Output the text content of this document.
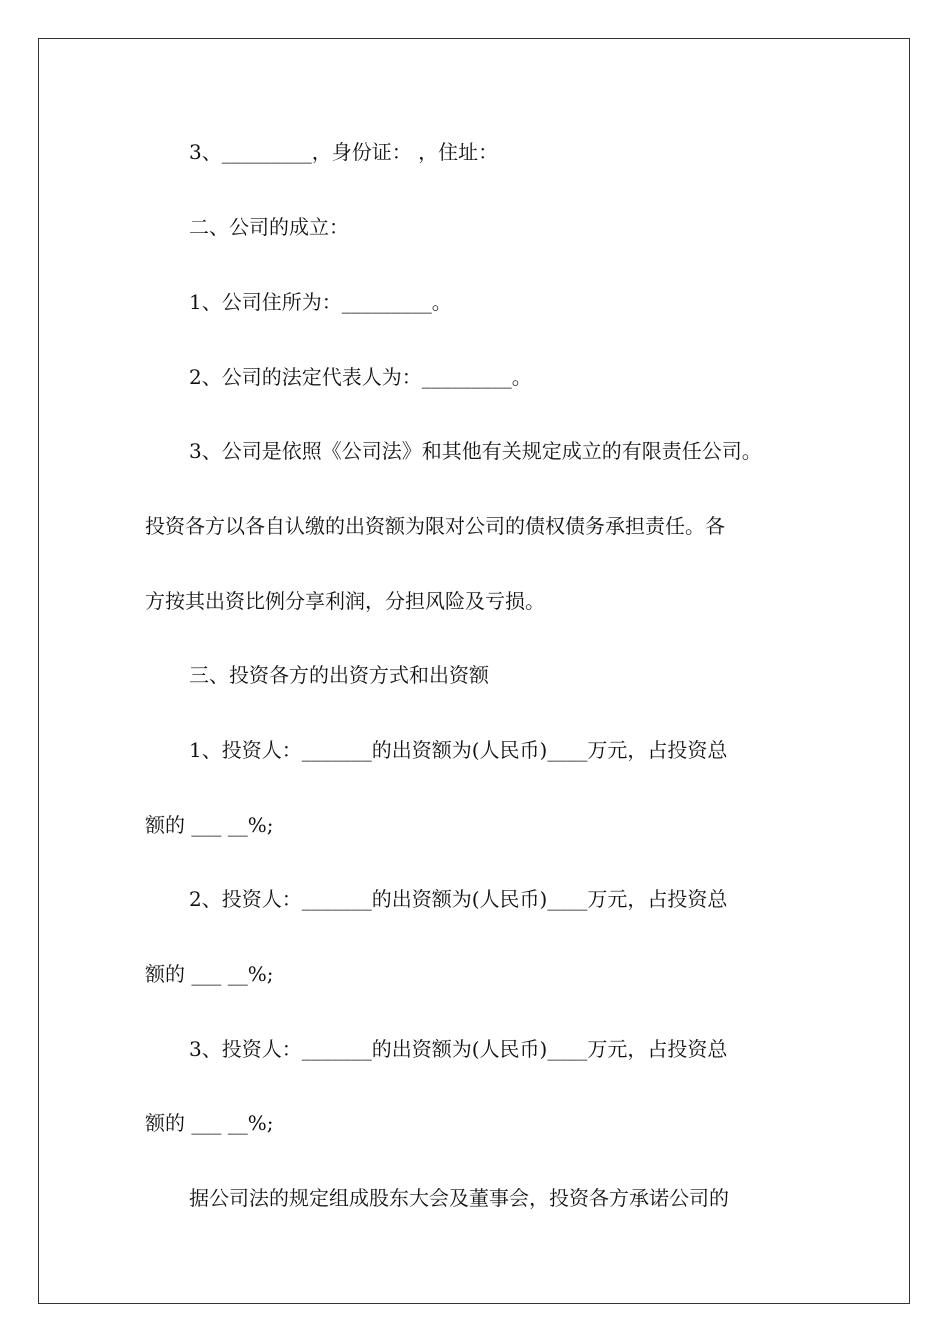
3、_________，身份证： ，住址：
二、公司的成立：
1、公司住所为：_________。
2、公司的法定代表人为：_________。
3、公司是依照《公司法》和其他有关规定成立的有限责任公司。
投资各方以各自认缴的出资额为限对公司的债权债务承担责任。各
方按其出资比例分享利润，分担风险及亏损。
三、投资各方的出资方式和出资额
1、投资人：_______的出资额为(人民币)____万元，占投资总
额的 ___ __%;
2、投资人：_______的出资额为(人民币)____万元，占投资总
额的 ___ __%;
3、投资人：_______的出资额为(人民币)____万元，占投资总
额的 ___ __%;
据公司法的规定组成股东大会及董事会，投资各方承诺公司的
